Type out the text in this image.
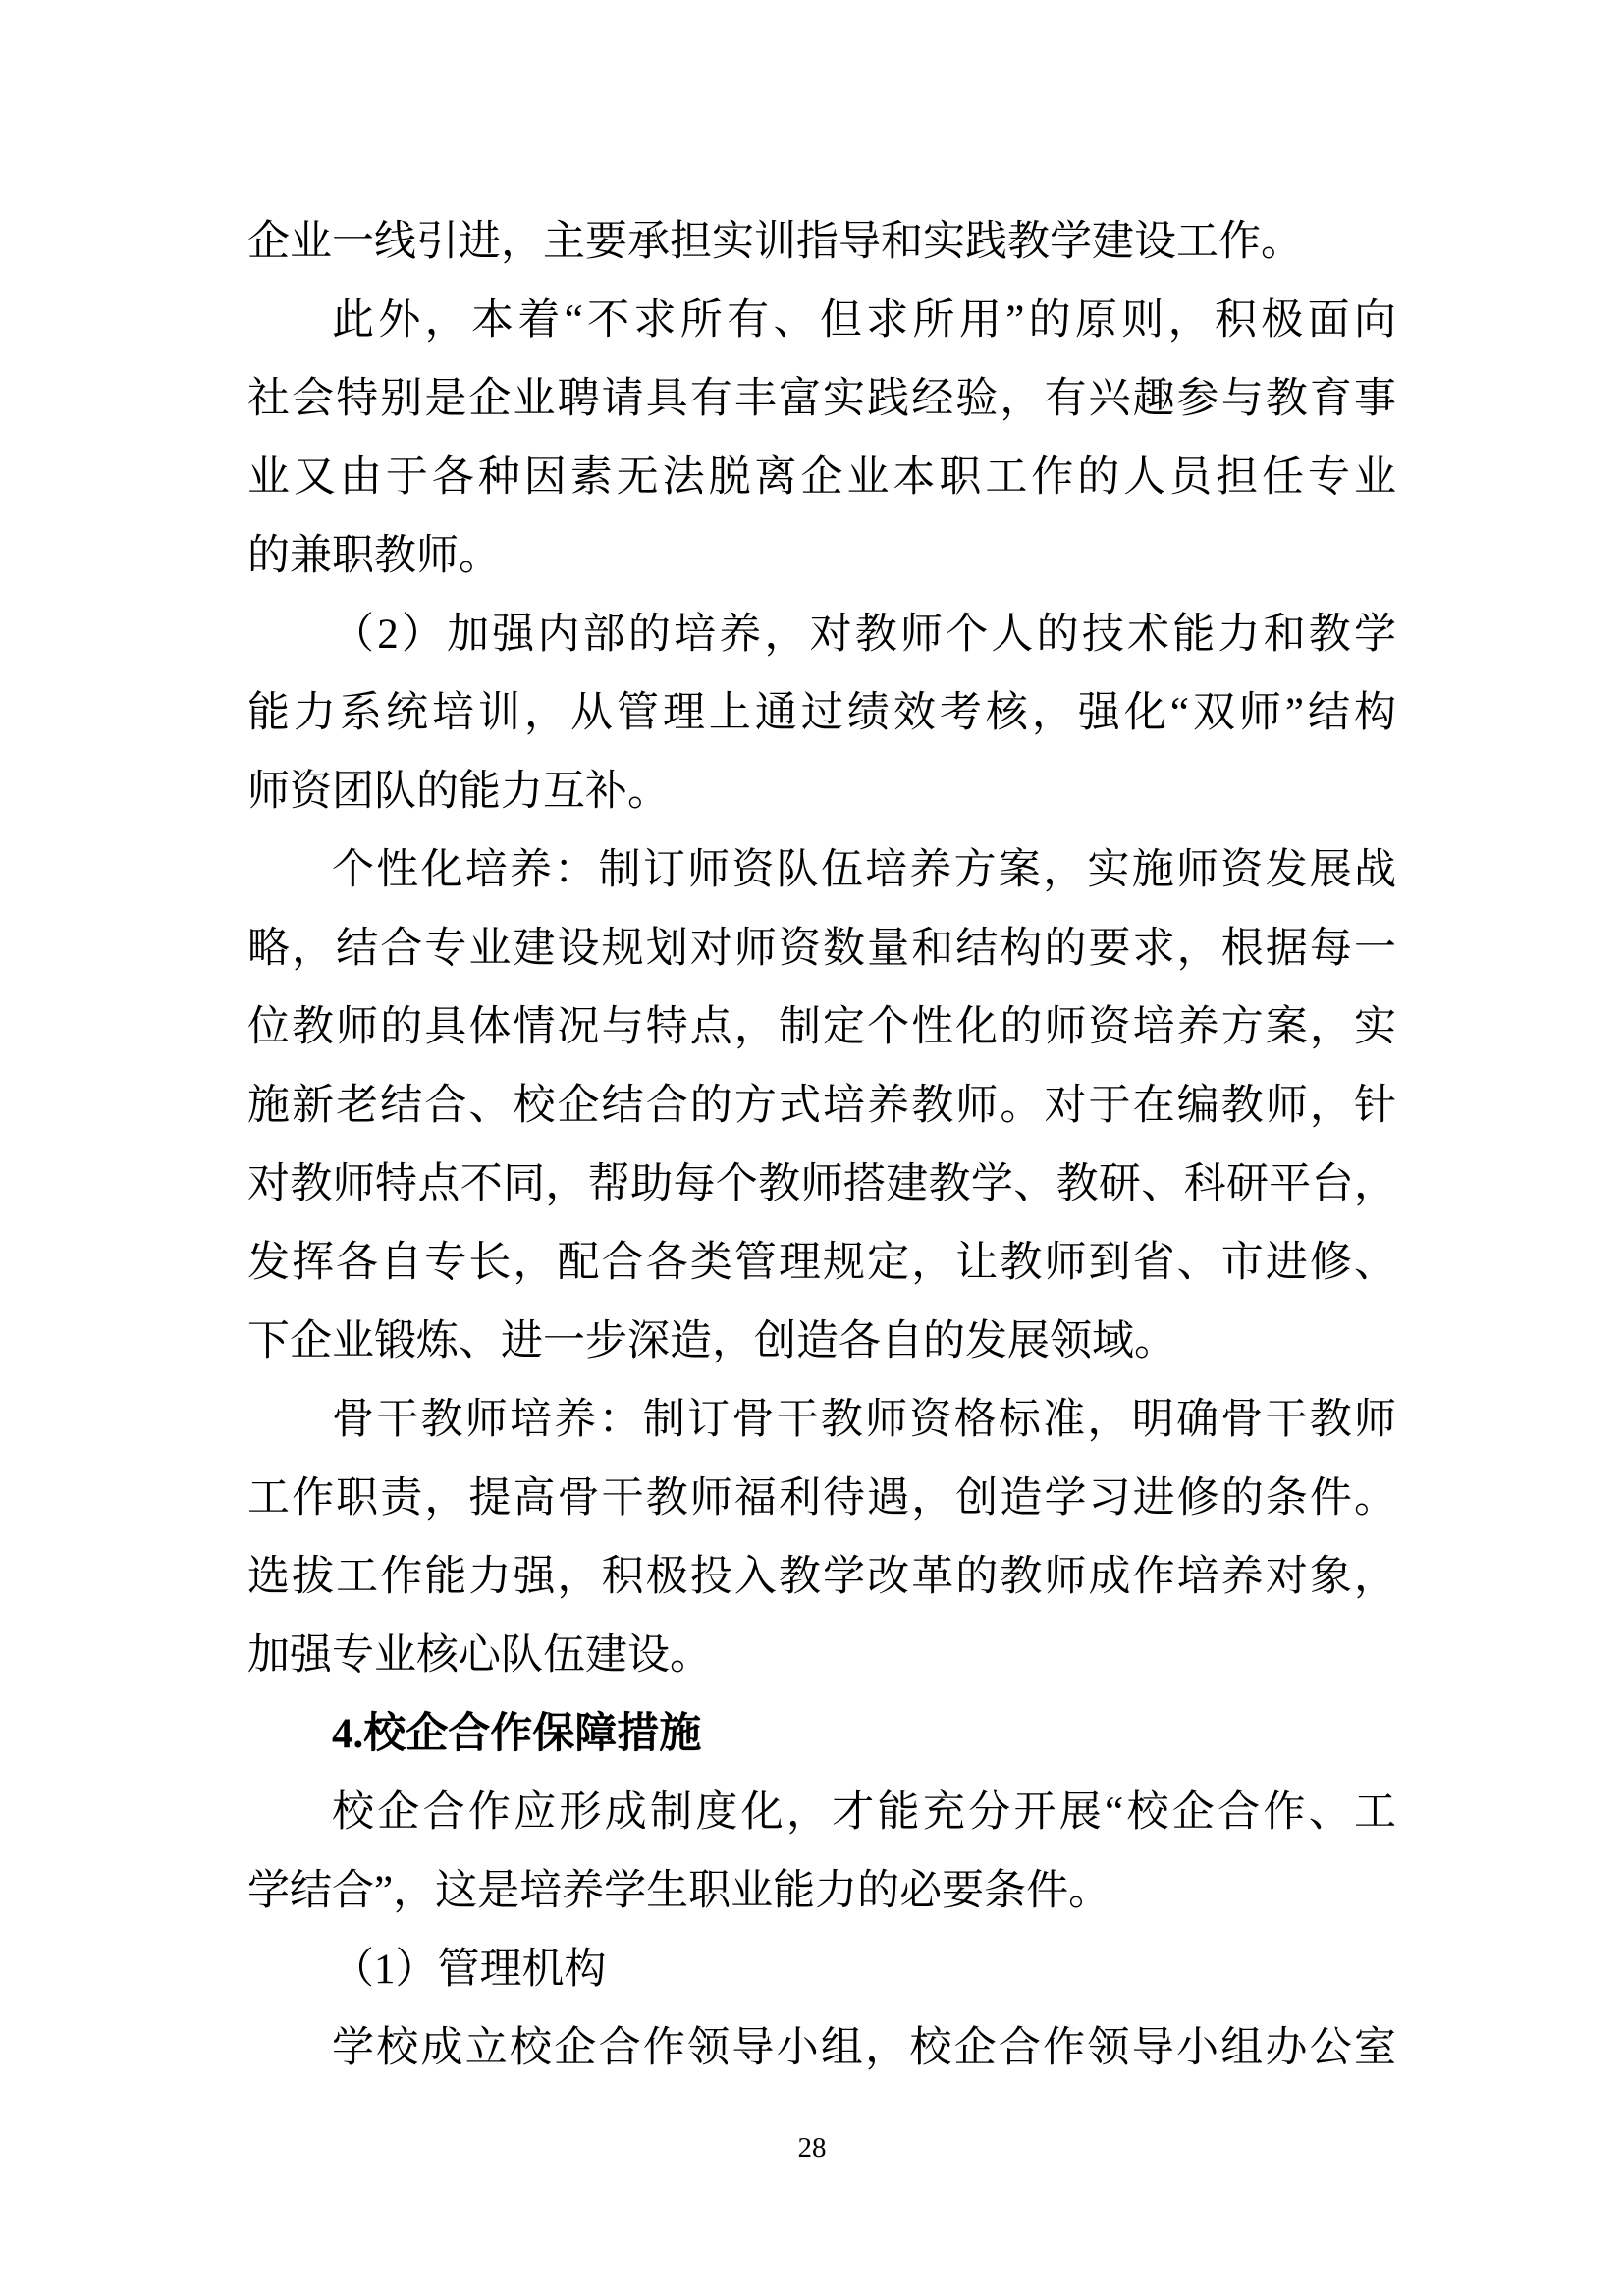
企业一线引进，主要承担实训指导和实践教学建设工作。
此外，本着“不求所有、但求所用”的原则，积极面向
社会特别是企业聘请具有丰富实践经验，有兴趣参与教育事
业又由于各种因素无法脱离企业本职工作的人员担任专业
的兼职教师。
（2）加强内部的培养，对教师个人的技术能力和教学
能力系统培训，从管理上通过绩效考核，强化“双师”结构
师资团队的能力互补。
个性化培养：制订师资队伍培养方案，实施师资发展战
略，结合专业建设规划对师资数量和结构的要求，根据每一
位教师的具体情况与特点，制定个性化的师资培养方案，实
施新老结合、校企结合的方式培养教师。对于在编教师，针
对教师特点不同，帮助每个教师搭建教学、教研、科研平台，
发挥各自专长，配合各类管理规定，让教师到省、市进修、
下企业锻炼、进一步深造，创造各自的发展领域。
骨干教师培养：制订骨干教师资格标准，明确骨干教师
工作职责，提高骨干教师福利待遇，创造学习进修的条件。
选拔工作能力强，积极投入教学改革的教师成作培养对象，
加强专业核心队伍建设。
4.校企合作保障措施
校企合作应形成制度化，才能充分开展“校企合作、工
学结合”，这是培养学生职业能力的必要条件。
（1）管理机构
学校成立校企合作领导小组，校企合作领导小组办公室
28
